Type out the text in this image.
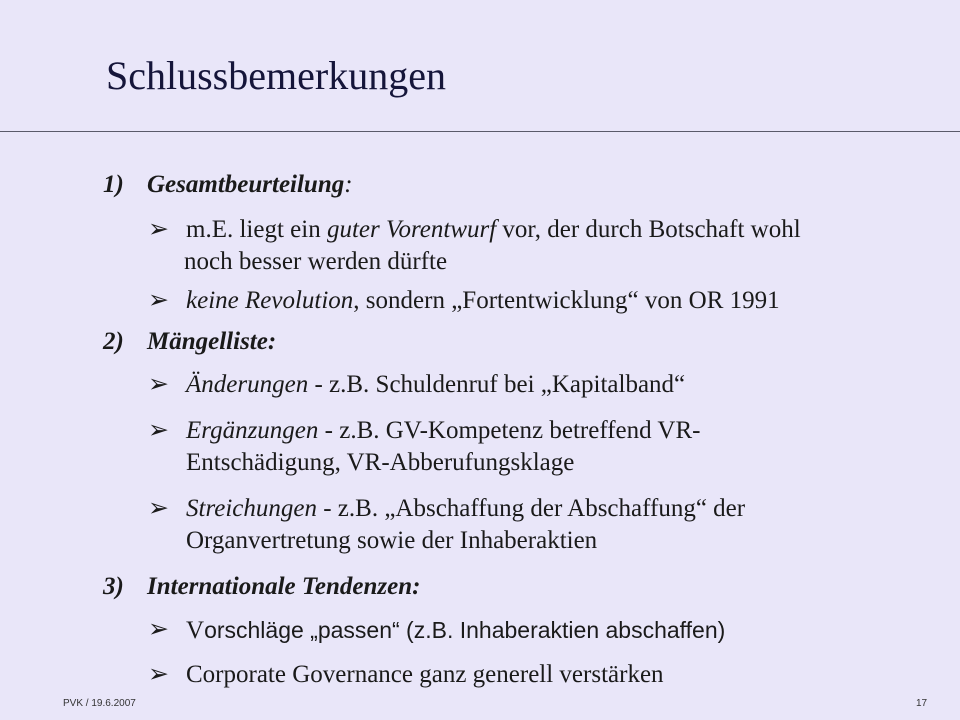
Schlussbemerkungen
1) Gesamtbeurteilung:
➢ m.E. liegt ein guter Vorentwurf vor, der durch Botschaft wohl
noch besser werden dürfte
➢ keine Revolution, sondern „Fortentwicklung“ von OR 1991
2) Mängelliste:
➢ Änderungen - z.B. Schuldenruf bei „Kapitalband“
➢ Ergänzungen - z.B. GV-Kompetenz betreffend VR-
Entschädigung, VR-Abberufungsklage
➢ Streichungen - z.B. „Abschaffung der Abschaffung“ der
Organvertretung sowie der Inhaberaktien
3) Internationale Tendenzen:
➢ Vorschläge „passen“ (z.B. Inhaberaktien abschaffen)
➢ Corporate Governance ganz generell verstärken
PVK / 19.6.2007	17
